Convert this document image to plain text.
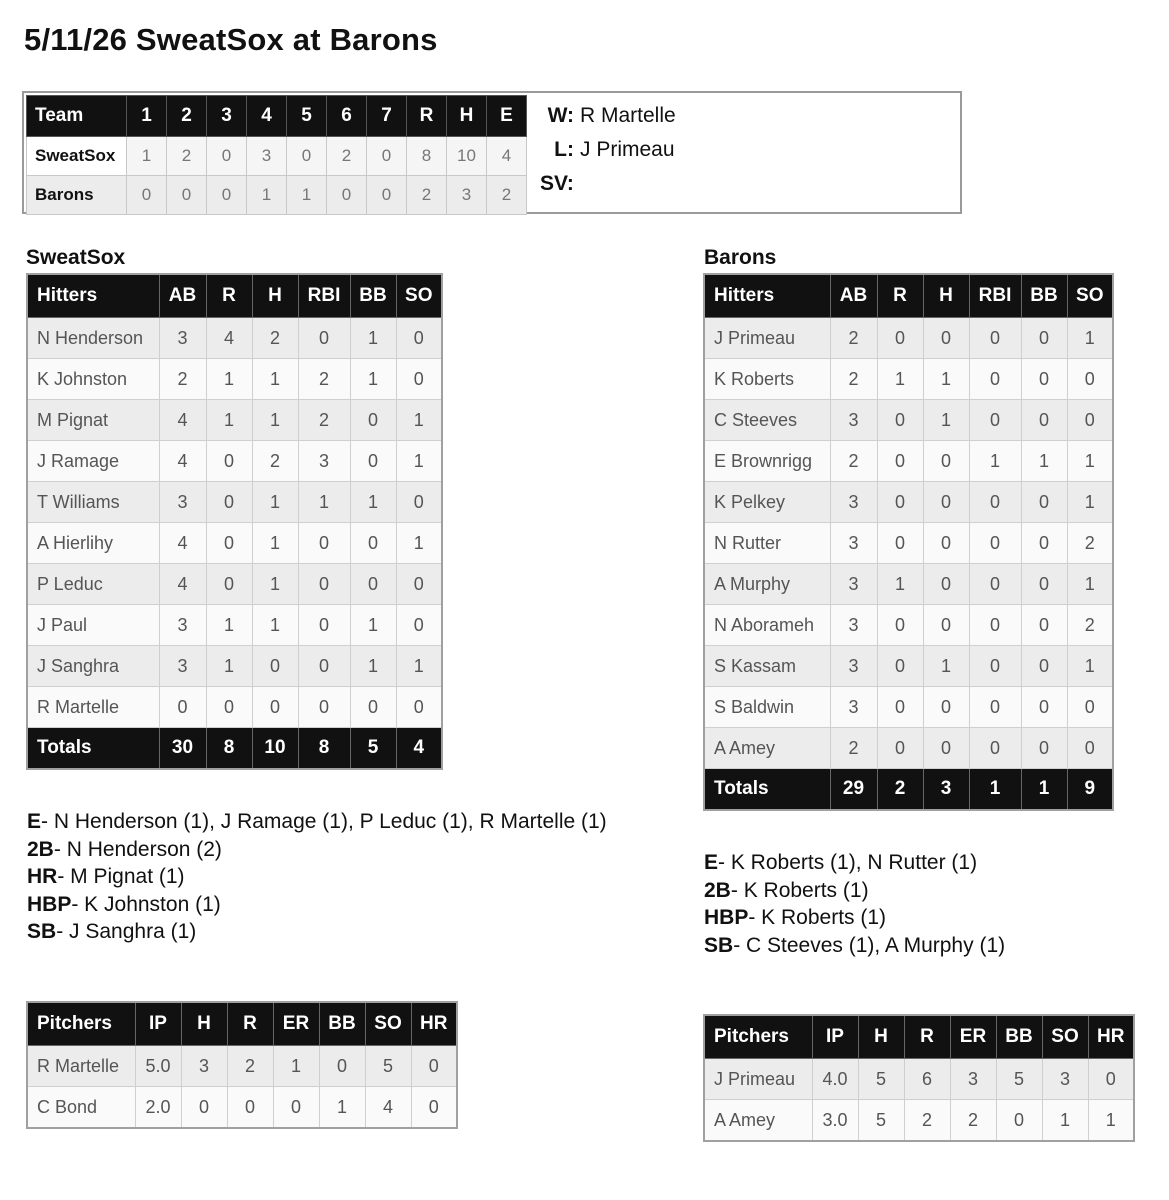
5/11/26 SweatSox at Barons
Team	1	2	3	4	5	6	7	R	H	E
SweatSox	1	2	0	3	0	2	0	8	10	4
Barons	0	0	0	1	1	0	0	2	3	2
W: R Martelle
L: J Primeau
SV:
SweatSox	Barons
Hitters	AB	R	H	RBI	BB	SO
N Henderson	3	4	2	0	1	0
K Johnston	2	1	1	2	1	0
M Pignat	4	1	1	2	0	1
J Ramage	4	0	2	3	0	1
T Williams	3	0	1	1	1	0
A Hierlihy	4	0	1	0	0	1
P Leduc	4	0	1	0	0	0
J Paul	3	1	1	0	1	0
J Sanghra	3	1	0	0	1	1
R Martelle	0	0	0	0	0	0
Totals	30	8	10	8	5	4
Hitters	AB	R	H	RBI	BB	SO
J Primeau	2	0	0	0	0	1
K Roberts	2	1	1	0	0	0
C Steeves	3	0	1	0	0	0
E Brownrigg	2	0	0	1	1	1
K Pelkey	3	0	0	0	0	1
N Rutter	3	0	0	0	0	2
A Murphy	3	1	0	0	0	1
N Aborameh	3	0	0	0	0	2
S Kassam	3	0	1	0	0	1
S Baldwin	3	0	0	0	0	0
A Amey	2	0	0	0	0	0
Totals	29	2	3	1	1	9
E- N Henderson (1), J Ramage (1), P Leduc (1), R Martelle (1)
2B- N Henderson (2)
HR- M Pignat (1)
HBP- K Johnston (1)
SB- J Sanghra (1)
E- K Roberts (1), N Rutter (1)
2B- K Roberts (1)
HBP- K Roberts (1)
SB- C Steeves (1), A Murphy (1)
Pitchers	IP	H	R	ER	BB	SO	HR
R Martelle	5.0	3	2	1	0	5	0
C Bond	2.0	0	0	0	1	4	0
Pitchers	IP	H	R	ER	BB	SO	HR
J Primeau	4.0	5	6	3	5	3	0
A Amey	3.0	5	2	2	0	1	1
